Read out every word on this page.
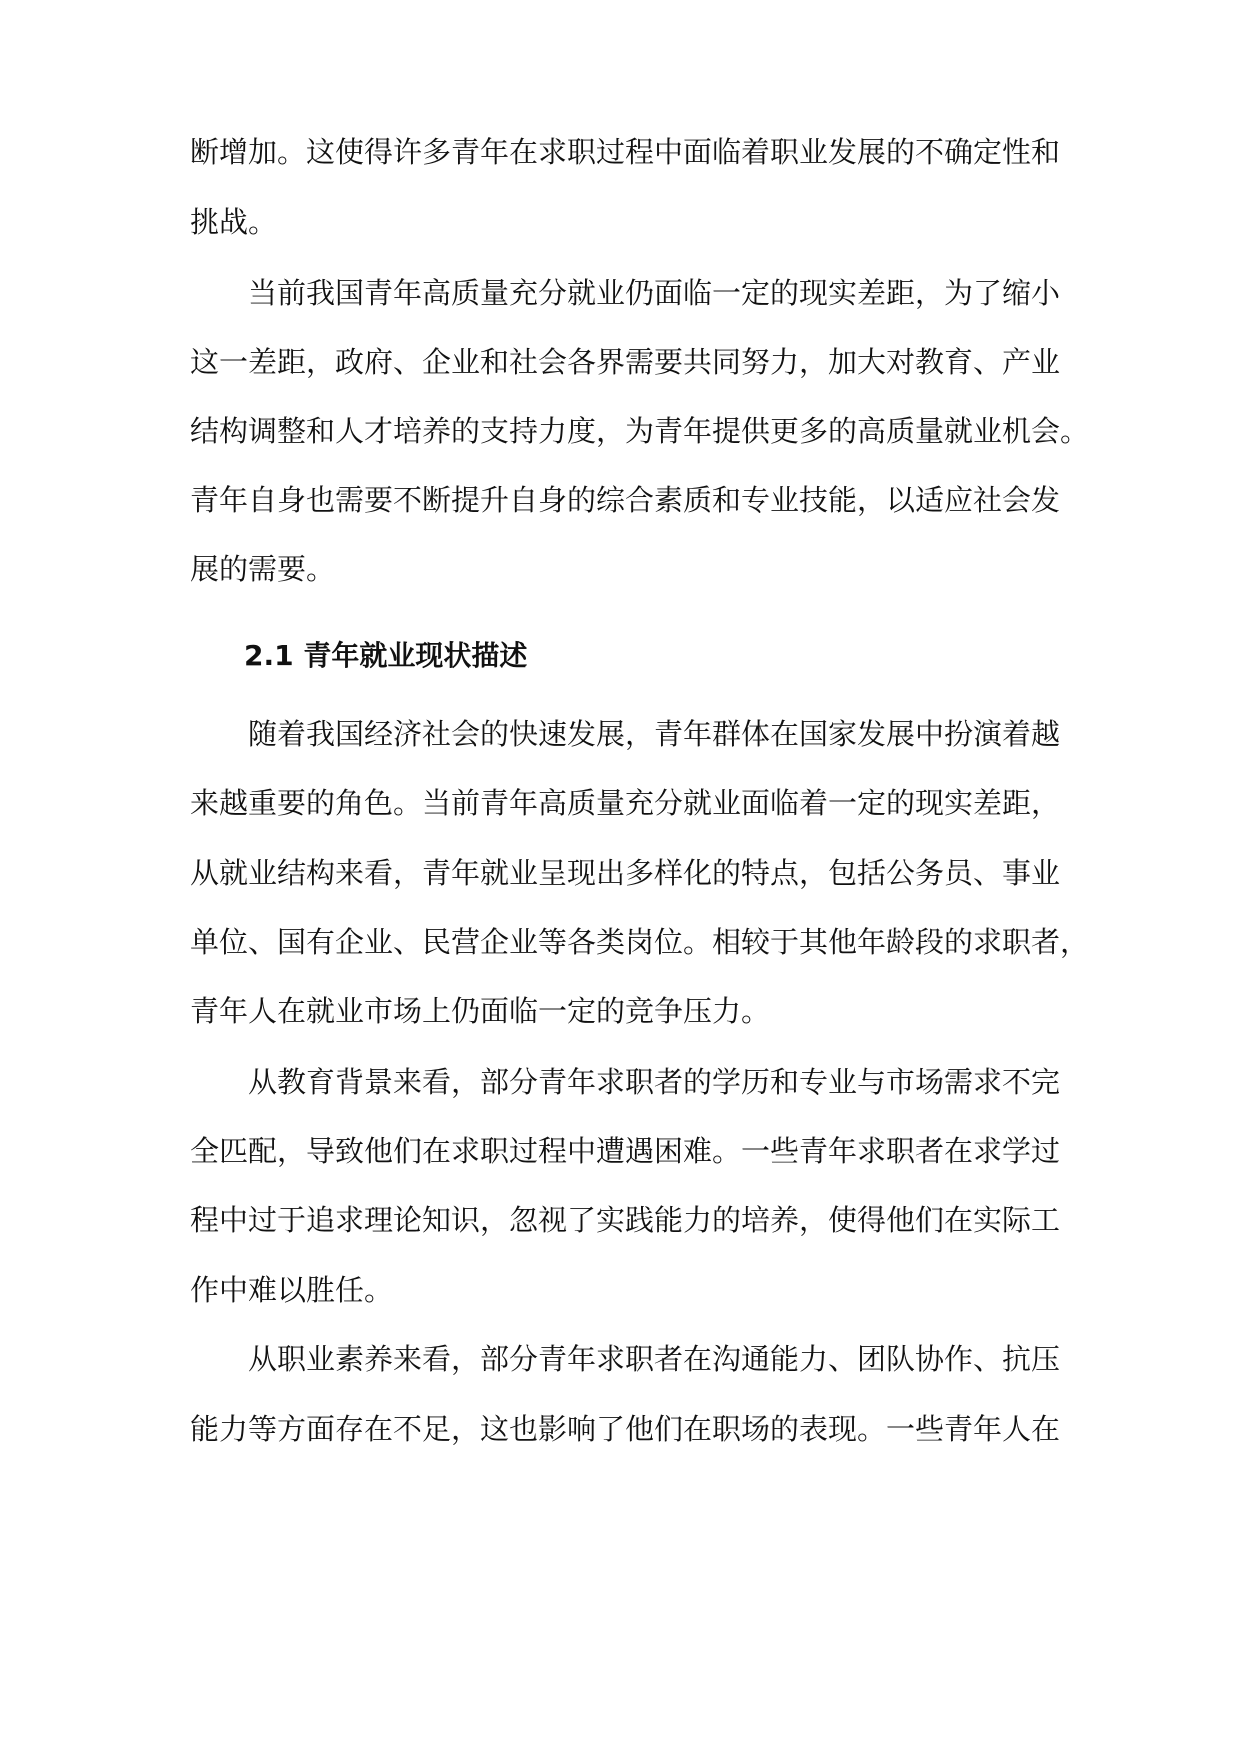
断增加。这使得许多青年在求职过程中面临着职业发展的不确定性和
挑战。
当前我国青年高质量充分就业仍面临一定的现实差距，为了缩小
这一差距，政府、企业和社会各界需要共同努力，加大对教育、产业
结构调整和人才培养的支持力度，为青年提供更多的高质量就业机会。
青年自身也需要不断提升自身的综合素质和专业技能，以适应社会发
展的需要。
2.1 青年就业现状描述
随着我国经济社会的快速发展，青年群体在国家发展中扮演着越
来越重要的角色。当前青年高质量充分就业面临着一定的现实差距，
从就业结构来看，青年就业呈现出多样化的特点，包括公务员、事业
单位、国有企业、民营企业等各类岗位。相较于其他年龄段的求职者，
青年人在就业市场上仍面临一定的竞争压力。
从教育背景来看，部分青年求职者的学历和专业与市场需求不完
全匹配，导致他们在求职过程中遭遇困难。一些青年求职者在求学过
程中过于追求理论知识，忽视了实践能力的培养，使得他们在实际工
作中难以胜任。
从职业素养来看，部分青年求职者在沟通能力、团队协作、抗压
能力等方面存在不足，这也影响了他们在职场的表现。一些青年人在
